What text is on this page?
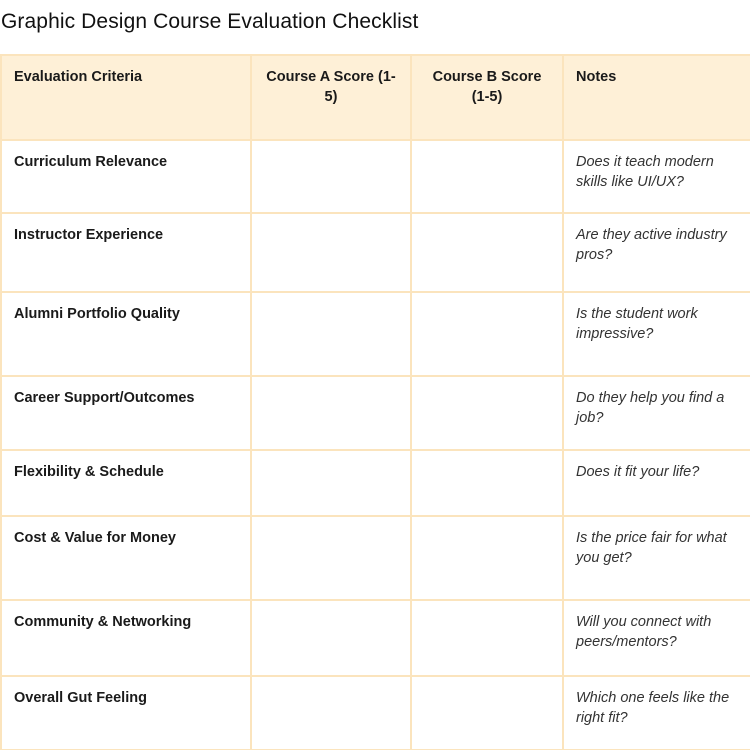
Graphic Design Course Evaluation Checklist
Evaluation Criteria	Course A Score (1-5)	Course B Score (1-5)	Notes
Curriculum Relevance			Does it teach modern skills like UI/UX?
Instructor Experience			Are they active industry pros?
Alumni Portfolio Quality			Is the student work impressive?
Career Support/Outcomes			Do they help you find a job?
Flexibility & Schedule			Does it fit your life?
Cost & Value for Money			Is the price fair for what you get?
Community & Networking			Will you connect with peers/mentors?
Overall Gut Feeling			Which one feels like the right fit?
